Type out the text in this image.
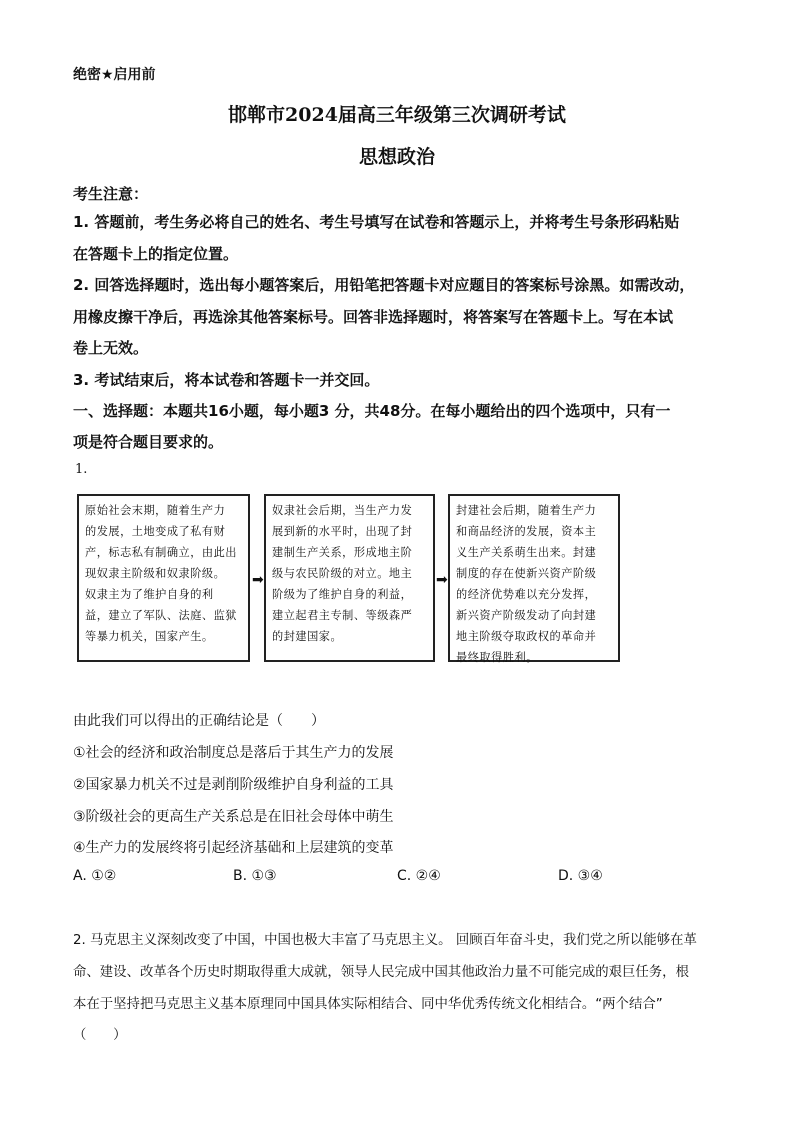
绝密★启用前
邯郸市2024届高三年级第三次调研考试
思想政治
考生注意：
1. 答题前，考生务必将自己的姓名、考生号填写在试卷和答题示上，并将考生号条形码粘贴
在答题卡上的指定位置。
2. 回答选择题时，选出每小题答案后，用铅笔把答题卡对应题目的答案标号涂黑。如需改动，
用橡皮擦干净后，再选涂其他答案标号。回答非选择题时，将答案写在答题卡上。写在本试
卷上无效。
3. 考试结束后，将本试卷和答题卡一并交回。
一、选择题：本题共16小题，每小题3 分，共48分。在每小题给出的四个选项中，只有一
项是符合题目要求的。
1.
原始社会末期，随着生产力
的发展，土地变成了私有财
产，标志私有制确立，由此出
现奴隶主阶级和奴隶阶级。
奴隶主为了维护自身的利
益，建立了军队、法庭、监狱
等暴力机关，国家产生。
➡
奴隶社会后期，当生产力发
展到新的水平时，出现了封
建制生产关系，形成地主阶
级与农民阶级的对立。地主
阶级为了维护自身的利益，
建立起君主专制、等级森严
的封建国家。
➡
封建社会后期，随着生产力
和商品经济的发展，资本主
义生产关系萌生出来。封建
制度的存在使新兴资产阶级
的经济优势难以充分发挥，
新兴资产阶级发动了向封建
地主阶级夺取政权的革命并
最终取得胜利。
由此我们可以得出的正确结论是（　　）
①社会的经济和政治制度总是落后于其生产力的发展
②国家暴力机关不过是剥削阶级维护自身利益的工具
③阶级社会的更高生产关系总是在旧社会母体中萌生
④生产力的发展终将引起经济基础和上层建筑的变革
A. ①②	B. ①③	C. ②④	D. ③④
2. 马克思主义深刻改变了中国，中国也极大丰富了马克思主义。 回顾百年奋斗史，我们党之所以能够在革
命、建设、改革各个历史时期取得重大成就，领导人民完成中国其他政治力量不可能完成的艰巨任务，根
本在于坚持把马克思主义基本原理同中国具体实际相结合、同中华优秀传统文化相结合。“两个结合”
（　　）
